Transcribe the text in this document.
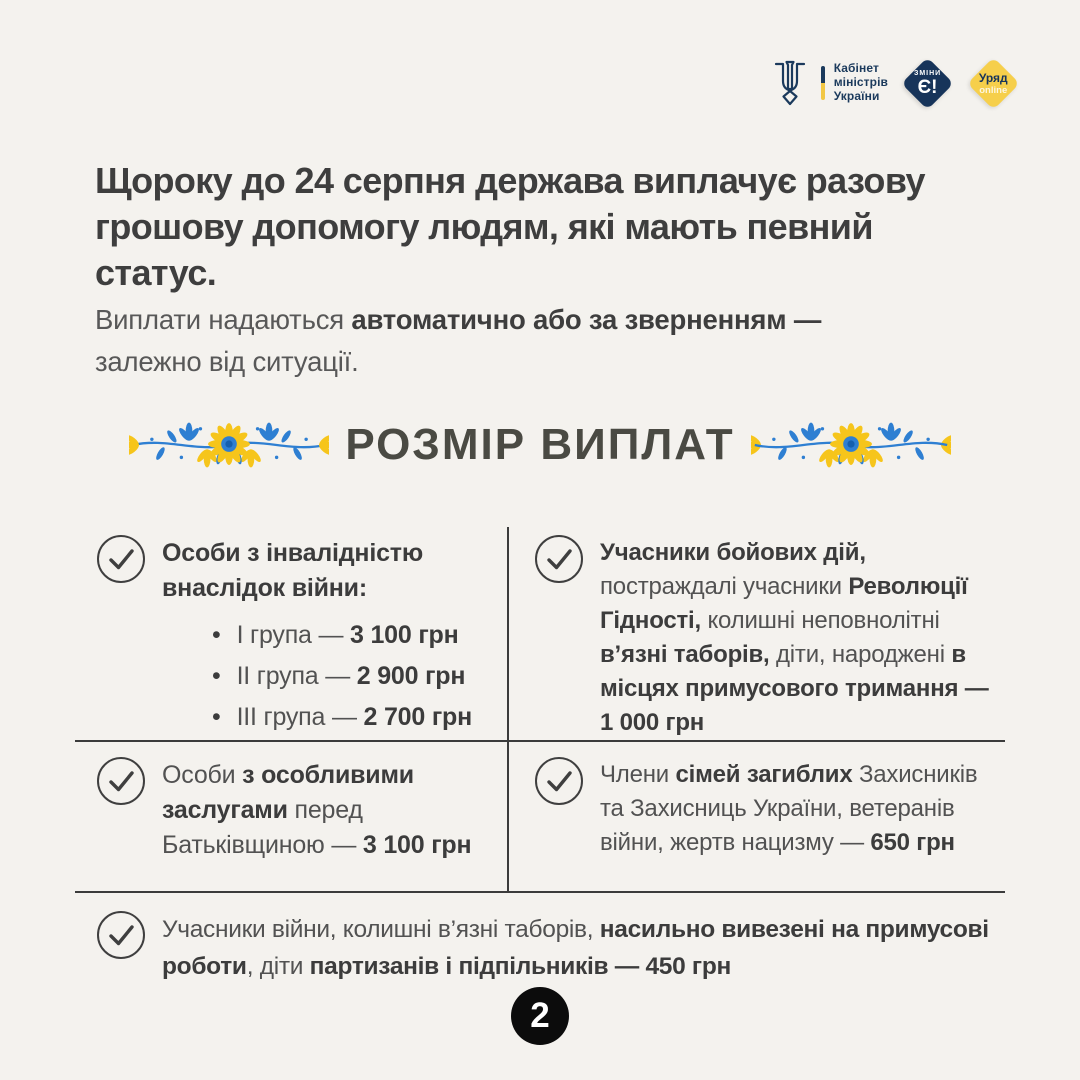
Кабінет
міністрів
України
ЗМІНИ
Є!	Уряд
online
Щороку до 24 серпня держава виплачує разову
грошову допомогу людям, які мають певний
статус.
Виплати надаються автоматично або за зверненням —
залежно від ситуації.
РОЗМІР ВИПЛАТ
Особи з інвалідністю внаслідок війни:
• І група — 3 100 грн
• ІІ група — 2 900 грн
• ІІІ група — 2 700 грн
Учасники бойових дій, постраждалі учасники Революції Гідності, колишні неповнолітні в’язні таборів, діти, народжені в місцях примусового тримання — 1 000 грн
Особи з особливими заслугами перед Батьківщиною — 3 100 грн
Члени сімей загиблих Захисників та Захисниць України, ветеранів війни, жертв нацизму — 650 грн
Учасники війни, колишні в’язні таборів, насильно вивезені на примусові роботи, діти партизанів і підпільників — 450 грн
2
